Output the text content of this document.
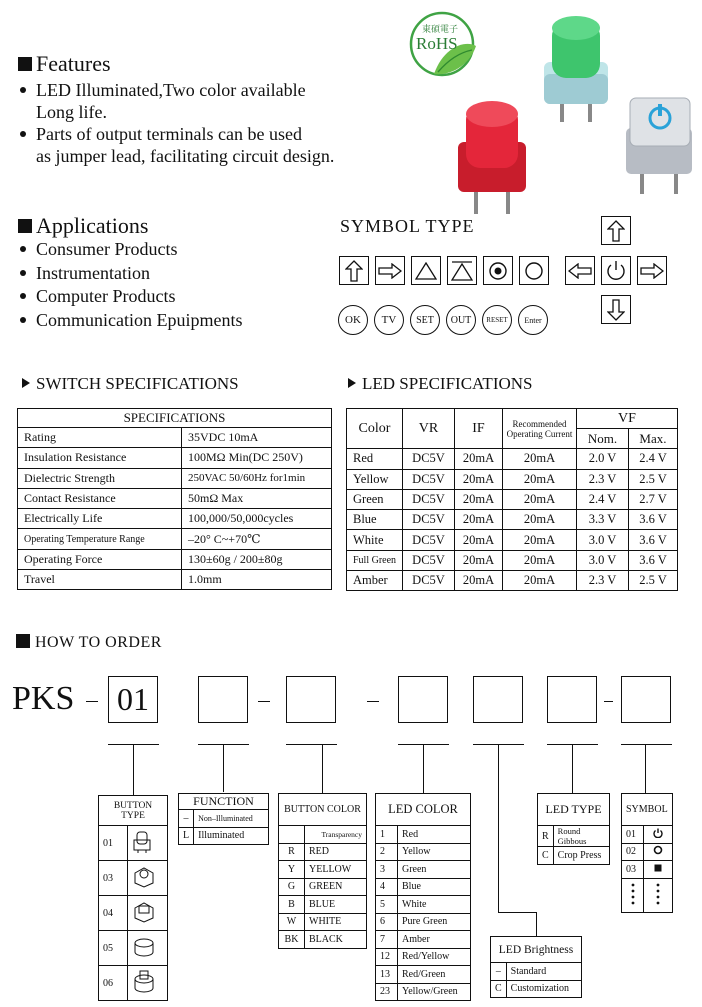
Features
LED Illuminated,Two color available
Long life.
Parts of output terminals can be used
as jumper lead, facilitating circuit design.
東碩電子
RoHS
Applications
Consumer Products
Instrumentation
Computer Products
Communication Epuipments
SYMBOL TYPE
OK	TV	SET	OUT	RESET	Enter
SWITCH SPECIFICATIONS
SPECIFICATIONS	
Rating	35VDC 10mA
Insulation Resistance	100MΩ Min(DC 250V)
Dielectric Strength	250VAC 50/60Hz for1min
Contact Resistance	50mΩ Max
Electrically Life	100,000/50,000cycles
Operating Temperature Range	–20° C~+70℃
Operating Force	130±60g / 200±80g
Travel	1.0mm
LED SPECIFICATIONS
Color	VR	IF	Recommended Operating Current	VF	
				Nom.	Max.
Red	DC5V	20mA	20mA	2.0 V	2.4 V
Yellow	DC5V	20mA	20mA	2.3 V	2.5 V
Green	DC5V	20mA	20mA	2.4 V	2.7 V
Blue	DC5V	20mA	20mA	3.3 V	3.6 V
White	DC5V	20mA	20mA	3.0 V	3.6 V
Full Green	DC5V	20mA	20mA	3.0 V	3.6 V
Amber	DC5V	20mA	20mA	2.3 V	2.5 V
HOW TO ORDER
PKS 01
BUTTON TYPE
01	
03	
04	
05	
06	
FUNCTION	
–	Non–Illuminated
L	Illuminated
BUTTON COLOR	
	Transparency
R	RED
Y	YELLOW
G	GREEN
B	BLUE
W	WHITE
BK	BLACK
LED COLOR	
1	Red
2	Yellow
3	Green
4	Blue
5	White
6	Pure Green
7	Amber
12	Red/Yellow
13	Red/Green
23	Yellow/Green
LED Brightness	
–	Standard
C	Customization
LED TYPE	
R	Round Gibbous
C	Crop Press
SYMBOL	
01	
02	
03	
